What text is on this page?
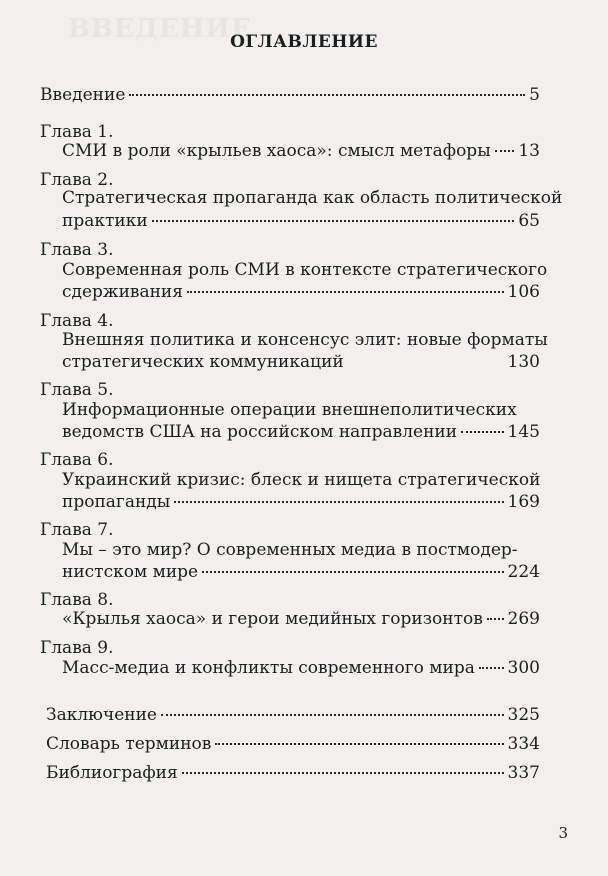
ВВЕДЕНИЕ
ОГЛАВЛЕНИЕ
Введение	5
Глава 1.
СМИ в роли «крыльев хаоса»: смысл метафоры 13
Глава 2.
Стратегическая пропаганда как область политической
практики	65
Глава 3.
Современная роль СМИ в контексте стратегического
сдерживания	106
Глава 4.
Внешняя политика и консенсус элит: новые форматы
стратегических коммуникаций	130
Глава 5.
Информационные операции внешнеполитических
ведомств США на российском направлении	145
Глава 6.
Украинский кризис: блеск и нищета стратегической
пропаганды	169
Глава 7.
Мы – это мир? О современных медиа в постмодер-
нистском мире	224
Глава 8.
«Крылья хаоса» и герои медийных горизонтов 269
Глава 9.
Масс-медиа и конфликты современного мира 300
Заключение	325
Словарь терминов	334
Библиография	337
3
